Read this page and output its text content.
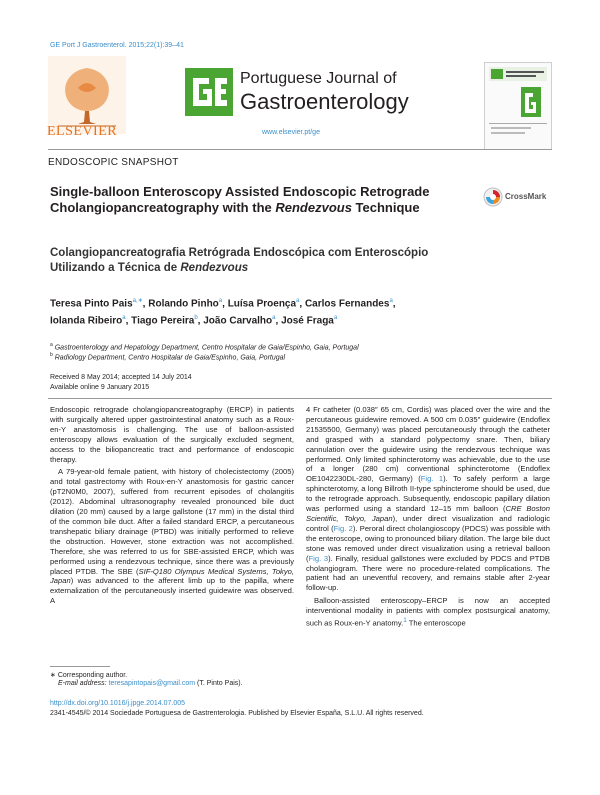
GE Port J Gastroenterol. 2015;22(1):39–41
ELSEVIER
Portuguese Journal of
Gastroenterology
www.elsevier.pt/ge
ENDOSCOPIC SNAPSHOT
Single-balloon Enteroscopy Assisted Endoscopic Retrograde Cholangiopancreatography with the Rendezvous Technique
CrossMark
Colangiopancreatografia Retrógrada Endoscópica com Enteroscópio Utilizando a Técnica de Rendezvous
Teresa Pinto Pais$^{a,∗}$, Rolando Pinho$^a$, Luísa Proença$^a$, Carlos Fernandes$^a$,
Iolanda Ribeiro$^a$, Tiago Pereira$^b$, João Carvalho$^a$, José Fraga$^a$
$^a$ Gastroenterology and Hepatology Department, Centro Hospitalar de Gaia/Espinho, Gaia, Portugal
$^b$ Radiology Department, Centro Hospitalar de Gaia/Espinho, Gaia, Portugal
Received 8 May 2014; accepted 14 July 2014
Available online 9 January 2015

Endoscopic retrograde cholangiopancreatography (ERCP) in patients with surgically altered upper gastrointestinal anatomy such as a Roux-en-Y anastomosis is challenging. The use of balloon-assisted enteroscopy allows evaluation of the surgically excluded segment, access to the biliopancreatic tract and performance of endoscopic therapy.

A 79-year-old female patient, with history of cholecistectomy (2005) and total gastrectomy with Roux-en-Y anastomosis for gastric cancer (pT2N0M0, 2007), suffered from recurrent episodes of cholangitis (2012). Abdominal ultrasonography revealed pronounced bile duct dilation (20 mm) caused by a large gallstone (17 mm) in the distal third of the common bile duct. After a failed standard ERCP, a percutaneous transhepatic biliary drainage (PTBD) was initially performed to relieve the obstruction. However, stone extraction was not accomplished. Therefore, she was referred to us for SBE-assisted ERCP, which was performed using a rendezvous technique, since there was a previously placed PTDB. The SBE (SIF-Q180 Olympus Medical Systems, Tokyo, Japan) was advanced to the afferent limb up to the papilla, where externalization of the percutaneously inserted guidewire was observed. A

4 Fr catheter (0.038″ 65 cm, Cordis) was placed over the wire and the percutaneous guidewire removed. A 500 cm 0.035″ guidewire (Endoflex 21535500, Germany) was placed percutaneously through the catheter and grasped with a standard polypectomy snare. Then, biliary cannulation over the guidewire using the rendezvous technique was performed. Only limited sphincterotomy was achievable, due to the use of a longer (280 cm) conventional sphincterotome (Endoflex OE1042230DL-280, Germany) (Fig. 1). To safely perform a large sphincterotomy, a long Billroth II-type sphincterome should be used, due to the retrograde approach. Subsequently, endoscopic papillary dilation was performed using a standard 12–15 mm balloon (CRE Boston Scientific, Tokyo, Japan), under direct visualization and radiologic control (Fig. 2). Peroral direct cholangioscopy (PDCS) was possible with the enteroscope, owing to pronounced biliary dilation. The large bile duct stone was removed under direct visualization using a retrieval balloon (Fig. 3). Finally, residual gallstones were excluded by PDCS and PTDB cholangiogram. There were no procedure-related complications. The patient had an uneventful recovery, and remains stable after 2-year follow-up.

Balloon-assisted enteroscopy–ERCP is now an accepted interventional modality in patients with complex postsurgical anatomy, such as Roux-en-Y anatomy.$^1$ The enteroscope

∗ Corresponding author.
E-mail address: teresapintopais@gmail.com (T. Pinto Pais).
http://dx.doi.org/10.1016/j.jpge.2014.07.005
2341-4545/© 2014 Sociedade Portuguesa de Gastrenterologia. Published by Elsevier España, S.L.U. All rights reserved.
